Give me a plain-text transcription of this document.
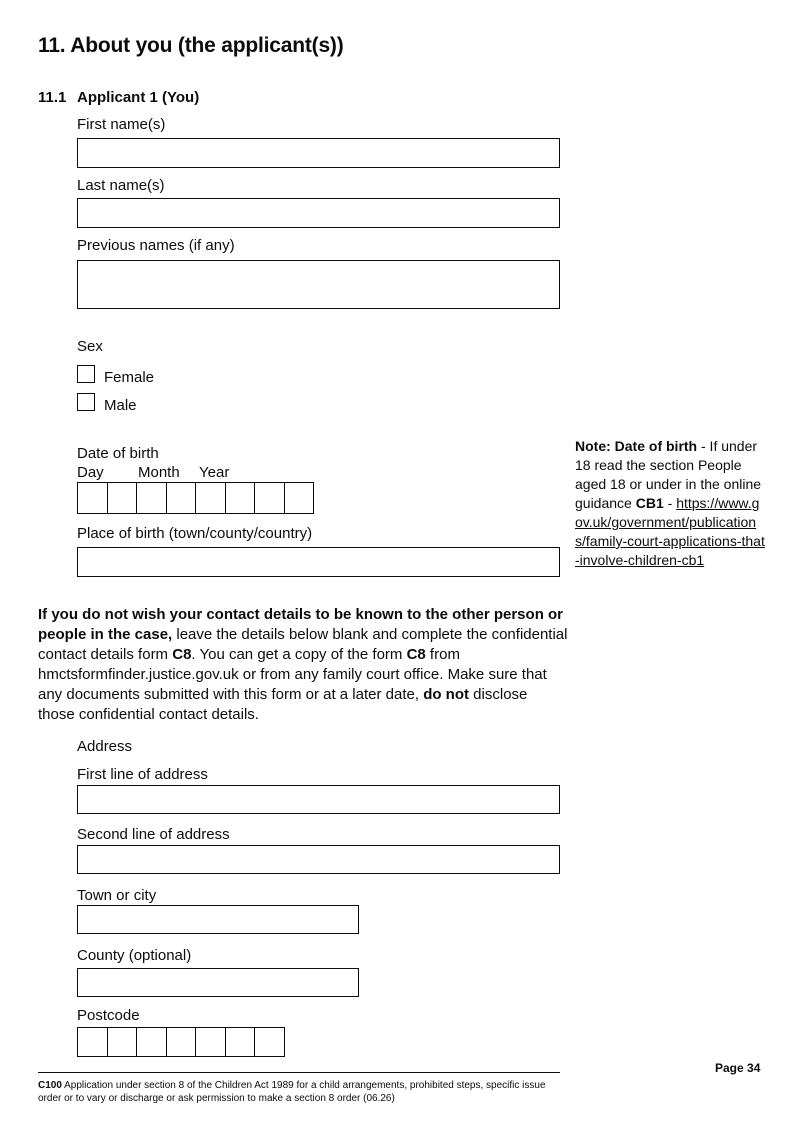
11. About you (the applicant(s))
11.1 Applicant 1 (You)
First name(s)
Last name(s)
Previous names (if any)
Sex
Female
Male
Date of birth
Day Month Year
Place of birth (town/county/country)
Note: Date of birth - If under 18 read the section People aged 18 or under in the online guidance CB1 - https://www.gov.uk/government/publications/family-court-applications-that-involve-children-cb1
If you do not wish your contact details to be known to the other person or people in the case, leave the details below blank and complete the confidential contact details form C8. You can get a copy of the form C8 from hmctsformfinder.justice.gov.uk or from any family court office. Make sure that any documents submitted with this form or at a later date, do not disclose those confidential contact details.
Address
First line of address
Second line of address
Town or city
County (optional)
Postcode
Page 34
C100 Application under section 8 of the Children Act 1989 for a child arrangements, prohibited steps, specific issue order or to vary or discharge or ask permission to make a section 8 order (06.26)
